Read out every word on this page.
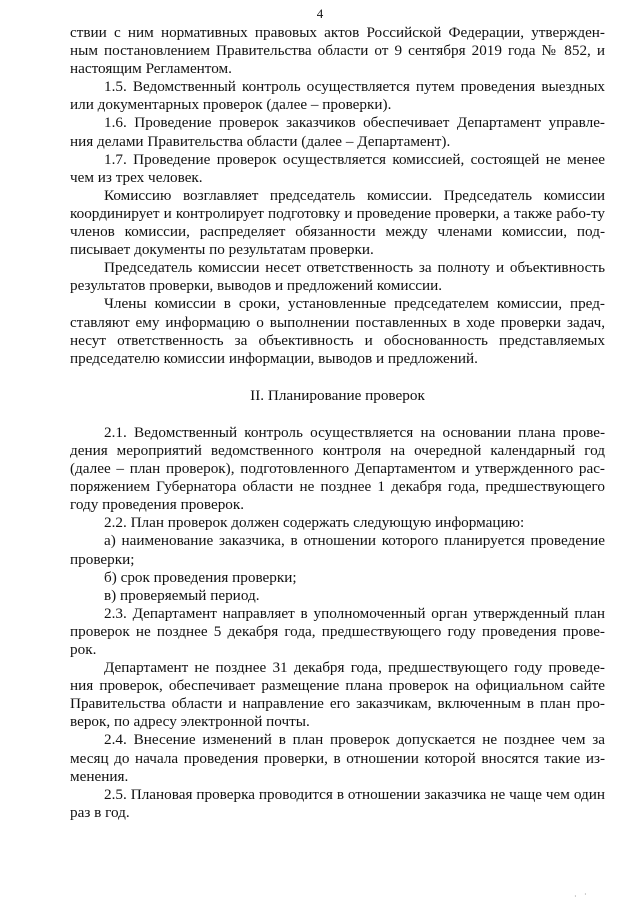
4

ствии с ним нормативных правовых актов Российской Федерации, утвержден-ным постановлением Правительства области от 9 сентября 2019 года № 852, и настоящим Регламентом.

1.5. Ведомственный контроль осуществляется путем проведения выездных или документарных проверок (далее – проверки).

1.6. Проведение проверок заказчиков обеспечивает Департамент управле-ния делами Правительства области (далее – Департамент).

1.7. Проведение проверок осуществляется комиссией, состоящей не менее чем из трех человек.

Комиссию возглавляет председатель комиссии. Председатель комиссии координирует и контролирует подготовку и проведение проверки, а также рабо-ту членов комиссии, распределяет обязанности между членами комиссии, под-писывает документы по результатам проверки.

Председатель комиссии несет ответственность за полноту и объективность результатов проверки, выводов и предложений комиссии.

Члены комиссии в сроки, установленные председателем комиссии, пред-ставляют ему информацию о выполнении поставленных в ходе проверки задач, несут ответственность за объективность и обоснованность представляемых председателю комиссии информации, выводов и предложений.

II. Планирование проверок

2.1. Ведомственный контроль осуществляется на основании плана прове-дения мероприятий ведомственного контроля на очередной календарный год (далее – план проверок), подготовленного Департаментом и утвержденного рас-поряжением Губернатора области не позднее 1 декабря года, предшествующего году проведения проверок.

2.2. План проверок должен содержать следующую информацию:

а) наименование заказчика, в отношении которого планируется проведение проверки;

б) срок проведения проверки;

в) проверяемый период.

2.3. Департамент направляет в уполномоченный орган утвержденный план проверок не позднее 5 декабря года, предшествующего году проведения прове-рок.

Департамент не позднее 31 декабря года, предшествующего году проведе-ния проверок, обеспечивает размещение плана проверок на официальном сайте Правительства области и направление его заказчикам, включенным в план про-верок, по адресу электронной почты.

2.4. Внесение изменений в план проверок допускается не позднее чем за месяц до начала проведения проверки, в отношении которой вносятся такие из-менения.

2.5. Плановая проверка проводится в отношении заказчика не чаще чем один раз в год.

· ·
